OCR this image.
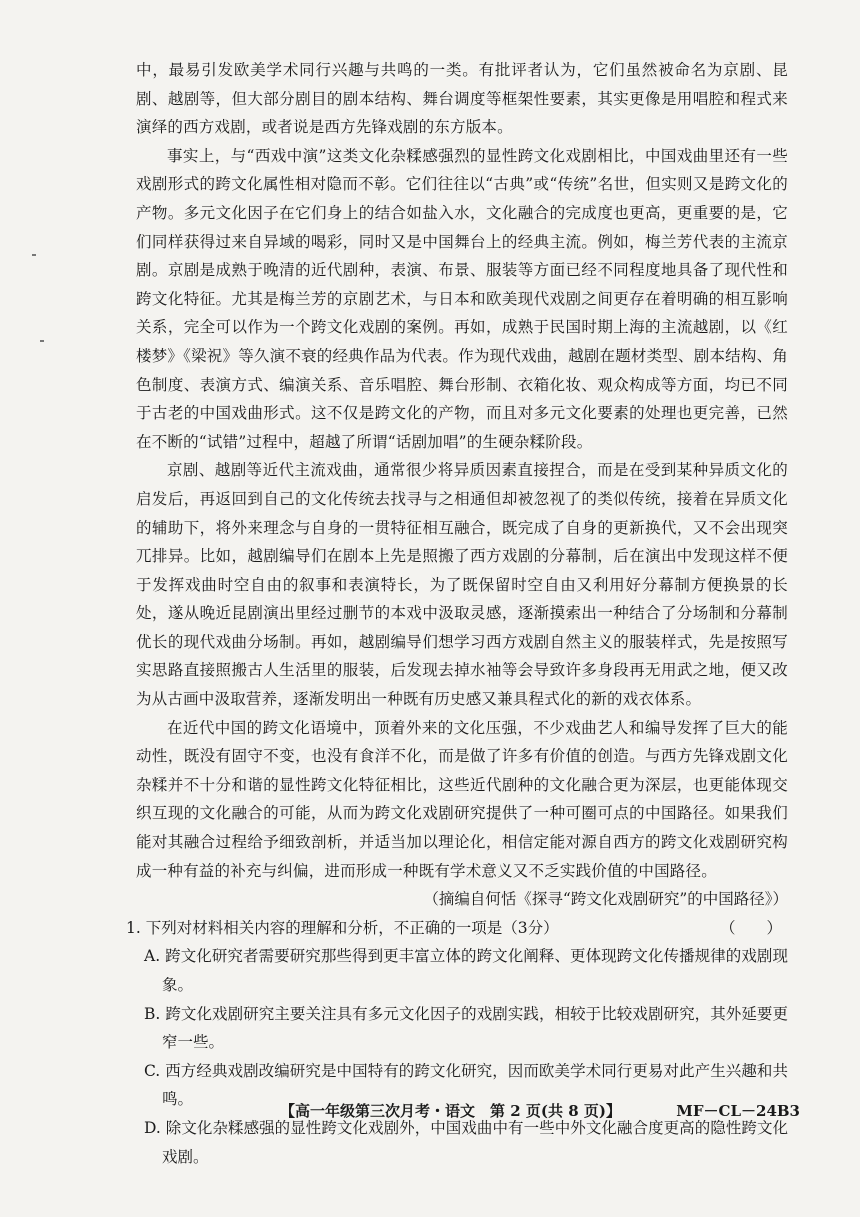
中，最易引发欧美学术同行兴趣与共鸣的一类。有批评者认为，它们虽然被命名为京剧、昆剧、越剧等，但大部分剧目的剧本结构、舞台调度等框架性要素，其实更像是用唱腔和程式来演绎的西方戏剧，或者说是西方先锋戏剧的东方版本。

事实上，与“西戏中演”这类文化杂糅感强烈的显性跨文化戏剧相比，中国戏曲里还有一些戏剧形式的跨文化属性相对隐而不彰。它们往往以“古典”或“传统”名世，但实则又是跨文化的产物。多元文化因子在它们身上的结合如盐入水，文化融合的完成度也更高，更重要的是，它们同样获得过来自异域的喝彩，同时又是中国舞台上的经典主流。例如，梅兰芳代表的主流京剧。京剧是成熟于晚清的近代剧种，表演、布景、服装等方面已经不同程度地具备了现代性和跨文化特征。尤其是梅兰芳的京剧艺术，与日本和欧美现代戏剧之间更存在着明确的相互影响关系，完全可以作为一个跨文化戏剧的案例。再如，成熟于民国时期上海的主流越剧，以《红楼梦》《梁祝》等久演不衰的经典作品为代表。作为现代戏曲，越剧在题材类型、剧本结构、角色制度、表演方式、编演关系、音乐唱腔、舞台形制、衣箱化妆、观众构成等方面，均已不同于古老的中国戏曲形式。这不仅是跨文化的产物，而且对多元文化要素的处理也更完善，已然在不断的“试错”过程中，超越了所谓“话剧加唱”的生硬杂糅阶段。

京剧、越剧等近代主流戏曲，通常很少将异质因素直接捏合，而是在受到某种异质文化的启发后，再返回到自己的文化传统去找寻与之相通但却被忽视了的类似传统，接着在异质文化的辅助下，将外来理念与自身的一贯特征相互融合，既完成了自身的更新换代，又不会出现突兀排异。比如，越剧编导们在剧本上先是照搬了西方戏剧的分幕制，后在演出中发现这样不便于发挥戏曲时空自由的叙事和表演特长，为了既保留时空自由又利用好分幕制方便换景的长处，遂从晚近昆剧演出里经过删节的本戏中汲取灵感，逐渐摸索出一种结合了分场制和分幕制优长的现代戏曲分场制。再如，越剧编导们想学习西方戏剧自然主义的服装样式，先是按照写实思路直接照搬古人生活里的服装，后发现去掉水袖等会导致许多身段再无用武之地，便又改为从古画中汲取营养，逐渐发明出一种既有历史感又兼具程式化的新的戏衣体系。

在近代中国的跨文化语境中，顶着外来的文化压强，不少戏曲艺人和编导发挥了巨大的能动性，既没有固守不变，也没有食洋不化，而是做了许多有价值的创造。与西方先锋戏剧文化杂糅并不十分和谐的显性跨文化特征相比，这些近代剧种的文化融合更为深层，也更能体现交织互现的文化融合的可能，从而为跨文化戏剧研究提供了一种可圈可点的中国路径。如果我们能对其融合过程给予细致剖析，并适当加以理论化，相信定能对源自西方的跨文化戏剧研究构成一种有益的补充与纠偏，进而形成一种既有学术意义又不乏实践价值的中国路径。

（摘编自何恬《探寻“跨文化戏剧研究”的中国路径》）

1. 下列对材料相关内容的理解和分析，不正确的一项是（3分）	（　　）

A. 跨文化研究者需要研究那些得到更丰富立体的跨文化阐释、更体现跨文化传播规律的戏剧现象。

B. 跨文化戏剧研究主要关注具有多元文化因子的戏剧实践，相较于比较戏剧研究，其外延要更窄一些。

C. 西方经典戏剧改编研究是中国特有的跨文化研究，因而欧美学术同行更易对此产生兴趣和共鸣。

D. 除文化杂糅感强的显性跨文化戏剧外，中国戏曲中有一些中外文化融合度更高的隐性跨文化戏剧。

【高一年级第三次月考・语文　第 2 页(共 8 页)】	MF－CL－24B3
